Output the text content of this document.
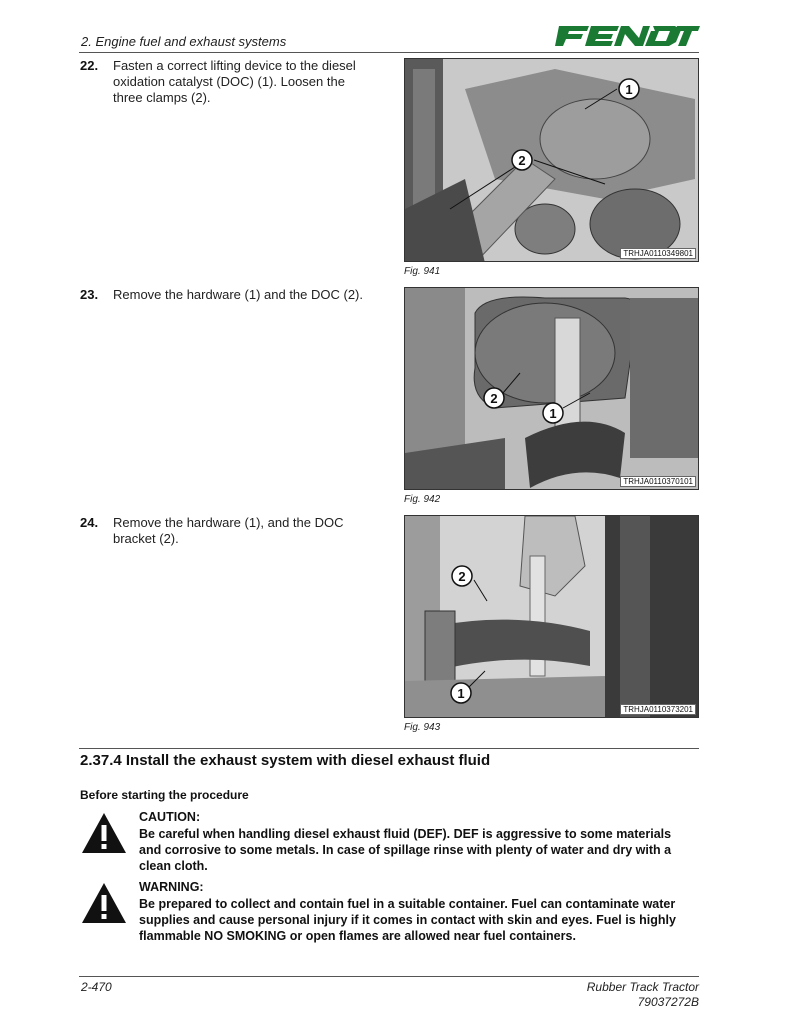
2. Engine fuel and exhaust systems
22. Fasten a correct lifting device to the diesel
oxidation catalyst (DOC) (1). Loosen the
three clamps (2).
1
2
TRHJA0110349801
Fig. 941
23. Remove the hardware (1) and the DOC (2).
2
1
TRHJA0110370101
Fig. 942
24. Remove the hardware (1), and the DOC
bracket (2).
2
1
TRHJA0110373201
Fig. 943
2.37.4 Install the exhaust system with diesel exhaust fluid
Before starting the procedure
CAUTION:
Be careful when handling diesel exhaust fluid (DEF). DEF is aggressive to some materials
and corrosive to some metals. In case of spillage rinse with plenty of water and dry with a
clean cloth.
WARNING:
Be prepared to collect and contain fuel in a suitable container. Fuel can contaminate water
supplies and cause personal injury if it comes in contact with skin and eyes. Fuel is highly
flammable NO SMOKING or open flames are allowed near fuel containers.
2-470	Rubber Track Tractor
79037272B
